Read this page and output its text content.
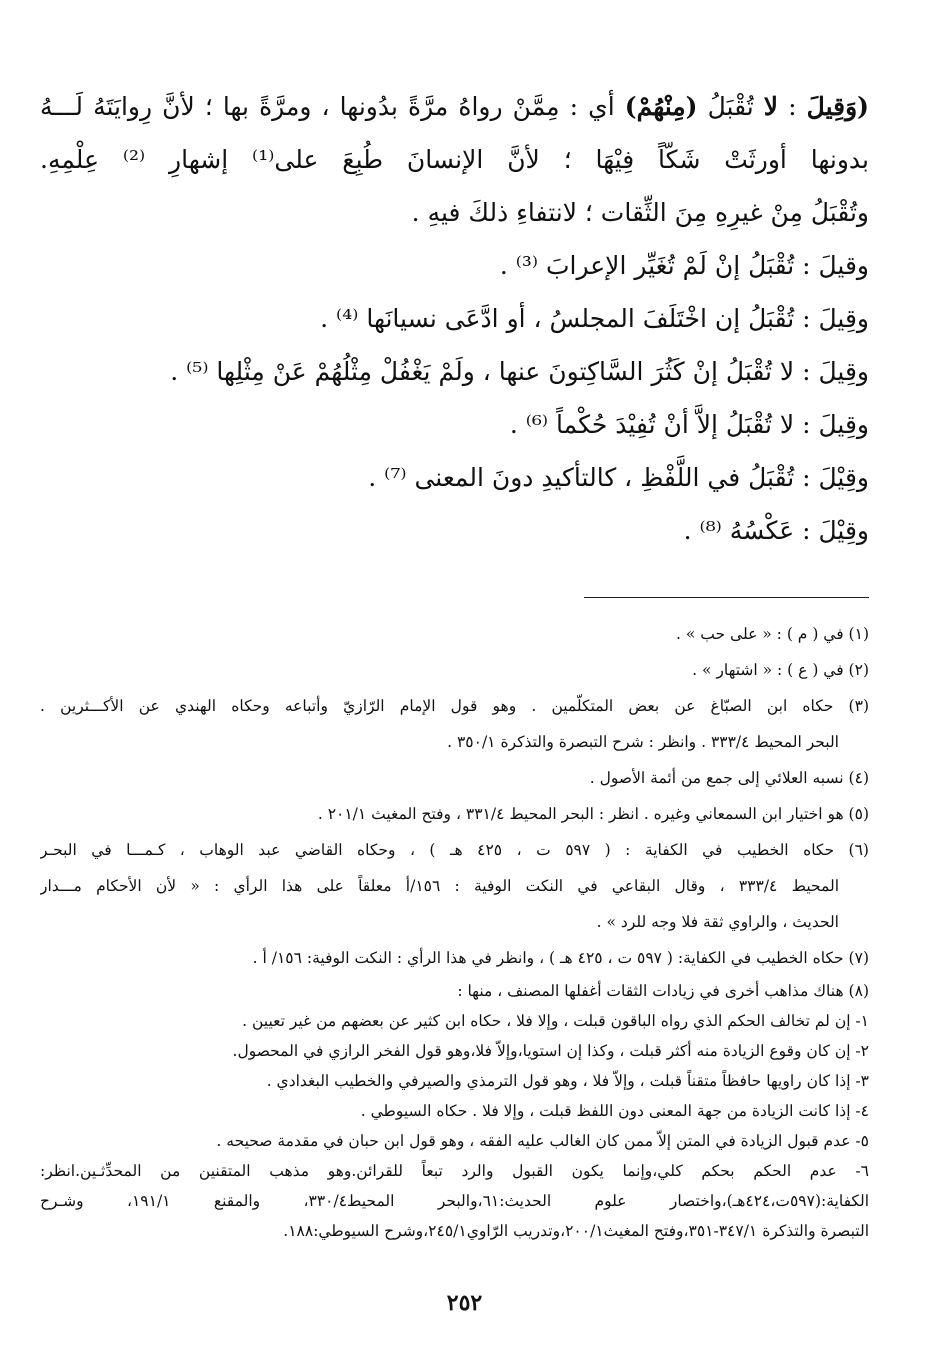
(وَقِيلَ : لا تُقْبَلُ (مِنْهُمْ) أي : مِمَّنْ رواهُ مرَّةً بدُونها ، ومرَّةً بها ؛ لأنَّ رِوايَتَهُ لَـــهُ
بدونها أورثَتْ شَكّاً فِيْهَا ؛ لأنَّ الإنسانَ طُبِعَ على⁽¹⁾ إشهارِ ⁽²⁾ عِلْمِهِ.
وتُقْبَلُ مِنْ غيرِهِ مِنَ الثِّقات ؛ لانتفاءِ ذلكَ فيهِ .
وقيلَ : تُقْبَلُ إنْ لَمْ تُغَيِّر الإعرابَ ⁽³⁾ .
وقِيلَ : تُقْبَلُ إن اخْتَلَفَ المجلسُ ، أو ادَّعَى نسيانَها ⁽⁴⁾ .
وقِيلَ : لا تُقْبَلُ إنْ كَثُرَ السَّاكِتونَ عنها ، ولَمْ يَغْفُلْ مِثْلُهُمْ عَنْ مِثْلِها ⁽⁵⁾ .
وقِيلَ : لا تُقْبَلُ إلاَّ أنْ تُفِيْدَ حُكْماً ⁽⁶⁾ .
وقِيْلَ : تُقْبَلُ في اللَّفْظِ ، كالتأكيدِ دونَ المعنى ⁽⁷⁾ .
وقِيْلَ : عَكْسُهُ ⁽⁸⁾ .
(١) في ( م ) : « على حب » .
(٢) في ( ع ) : « اشتهار » .
(٣) حكاه ابن الصبّاغ عن بعض المتكلّمين . وهو قول الإمام الرّازيّ وأتباعه وحكاه الهندي عن الأكـــثرين .
البحر المحيط ٣٣٣/٤ . وانظر : شرح التبصرة والتذكرة ٣٥٠/١ .
(٤) نسبه العلائي إلى جمع من أئمة الأصول .
(٥) هو اختيار ابن السمعاني وغيره . انظر : البحر المحيط ٣٣١/٤ ، وفتح المغيث ٢٠١/١ .
(٦) حكاه الخطيب في الكفاية : ( ٥٩٧ ت ، ٤٢٥ هـ ) ، وحكاه القاضي عبد الوهاب ، كـمـــا في البحـر
المحيط ٣٣٣/٤ ، وقال البقاعي في النكت الوفية : ١٥٦/أ معلقاً على هذا الرأي : « لأن الأحكام مـــدار
الحديث ، والراوي ثقة فلا وجه للرد » .
(٧) حكاه الخطيب في الكفاية: ( ٥٩٧ ت ، ٤٢٥ هـ ) ، وانظر في هذا الرأي : النكت الوفية: ١٥٦/ أ .
(٨) هناك مذاهب أخرى في زيادات الثقات أغفلها المصنف ، منها :
١- إن لم تخالف الحكم الذي رواه الباقون قبلت ، وإلا فلا ، حكاه ابن كثير عن بعضهم من غير تعيين .
٢- إن كان وقوع الزيادة منه أكثر قبلت ، وكذا إن استويا،وإلاّ فلا،وهو قول الفخر الرازي في المحصول.
٣- إذا كان راويها حافظاً متقناً قبلت ، وإلاّ فلا ، وهو قول الترمذي والصيرفي والخطيب البغدادي .
٤- إذا كانت الزيادة من جهة المعنى دون اللفظ قبلت ، وإلا فلا . حكاه السيوطي .
٥- عدم قبول الزيادة في المتن إلاّ ممن كان الغالب عليه الفقه ، وهو قول ابن حبان في مقدمة صحيحه .
٦- عدم الحكم بحكم كلي،وإنما يكون القبول والرد تبعاً للقرائن.وهو مذهب المتقنين من المحدِّثـين.انظر:
الكفاية:(٥٩٧ت،٤٢٤هـ)،واختصار علوم الحديث:٦١،والبحر المحيط٣٣٠/٤، والمقنع ١٩١/١، وشـرح
التبصرة والتذكرة ٣٤٧/١-٣٥١،وفتح المغيث٢٠٠/١،وتدريب الرّاوي٢٤٥/١،وشرح السيوطي:١٨٨.
٢٥٢
